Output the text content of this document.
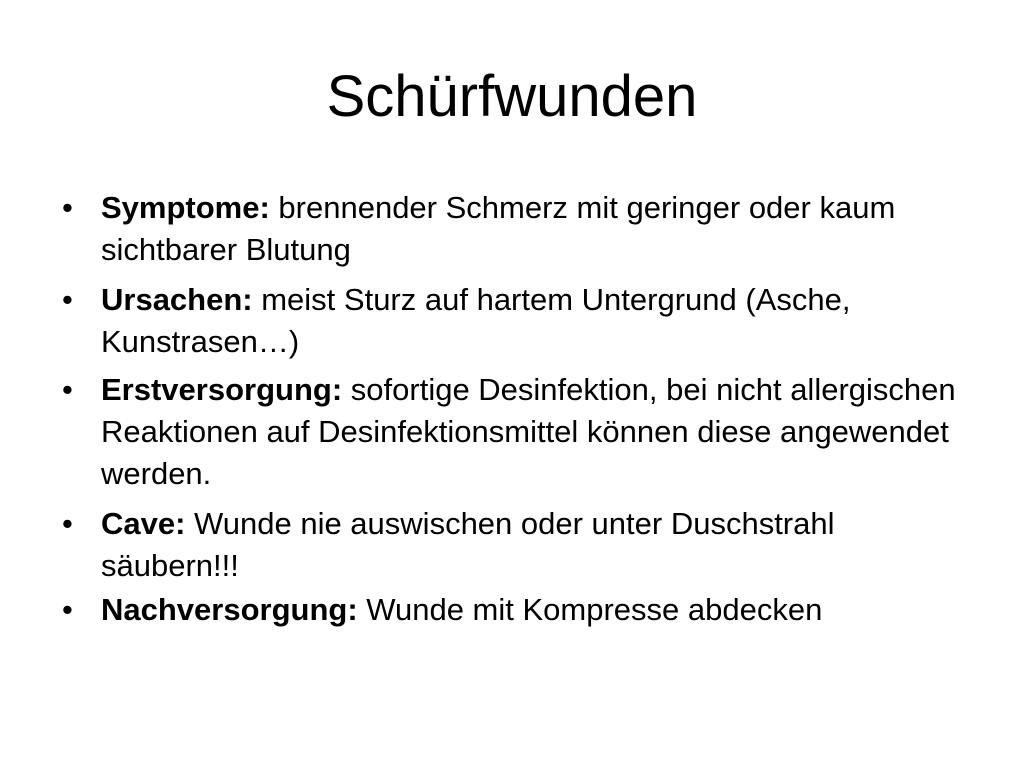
Schürfwunden
• Symptome: brennender Schmerz mit geringer oder kaum sichtbarer Blutung
• Ursachen: meist Sturz auf hartem Untergrund (Asche, Kunstrasen…)
• Erstversorgung: sofortige Desinfektion, bei nicht allergischen Reaktionen auf Desinfektionsmittel können diese angewendet werden.
• Cave: Wunde nie auswischen oder unter Duschstrahl säubern!!!
• Nachversorgung: Wunde mit Kompresse abdecken
